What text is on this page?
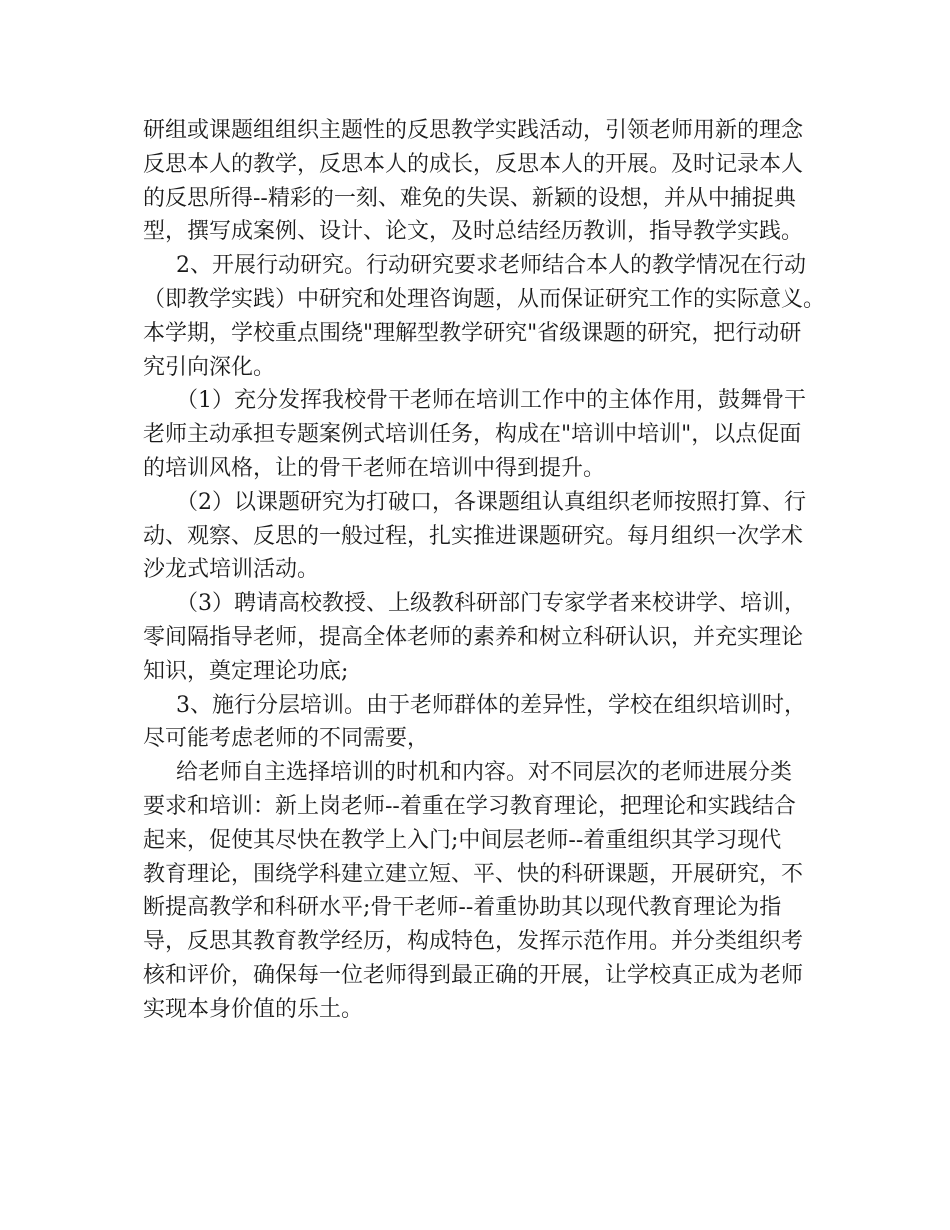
研组或课题组组织主题性的反思教学实践活动，引领老师用新的理念
反思本人的教学，反思本人的成长，反思本人的开展。及时记录本人
的反思所得--精彩的一刻、难免的失误、新颖的设想，并从中捕捉典
型，撰写成案例、设计、论文，及时总结经历教训，指导教学实践。
2、开展行动研究。行动研究要求老师结合本人的教学情况在行动
（即教学实践）中研究和处理咨询题，从而保证研究工作的实际意义。
本学期，学校重点围绕"理解型教学研究"省级课题的研究，把行动研
究引向深化。
（1）充分发挥我校骨干老师在培训工作中的主体作用，鼓舞骨干
老师主动承担专题案例式培训任务，构成在"培训中培训"，以点促面
的培训风格，让的骨干老师在培训中得到提升。
（2）以课题研究为打破口，各课题组认真组织老师按照打算、行
动、观察、反思的一般过程，扎实推进课题研究。每月组织一次学术
沙龙式培训活动。
（3）聘请高校教授、上级教科研部门专家学者来校讲学、培训，
零间隔指导老师，提高全体老师的素养和树立科研认识，并充实理论
知识，奠定理论功底;
3、施行分层培训。由于老师群体的差异性，学校在组织培训时，
尽可能考虑老师的不同需要，
给老师自主选择培训的时机和内容。对不同层次的老师进展分类
要求和培训：新上岗老师--着重在学习教育理论，把理论和实践结合
起来，促使其尽快在教学上入门;中间层老师--着重组织其学习现代
教育理论，围绕学科建立建立短、平、快的科研课题，开展研究，不
断提高教学和科研水平;骨干老师--着重协助其以现代教育理论为指
导，反思其教育教学经历，构成特色，发挥示范作用。并分类组织考
核和评价，确保每一位老师得到最正确的开展，让学校真正成为老师
实现本身价值的乐土。
